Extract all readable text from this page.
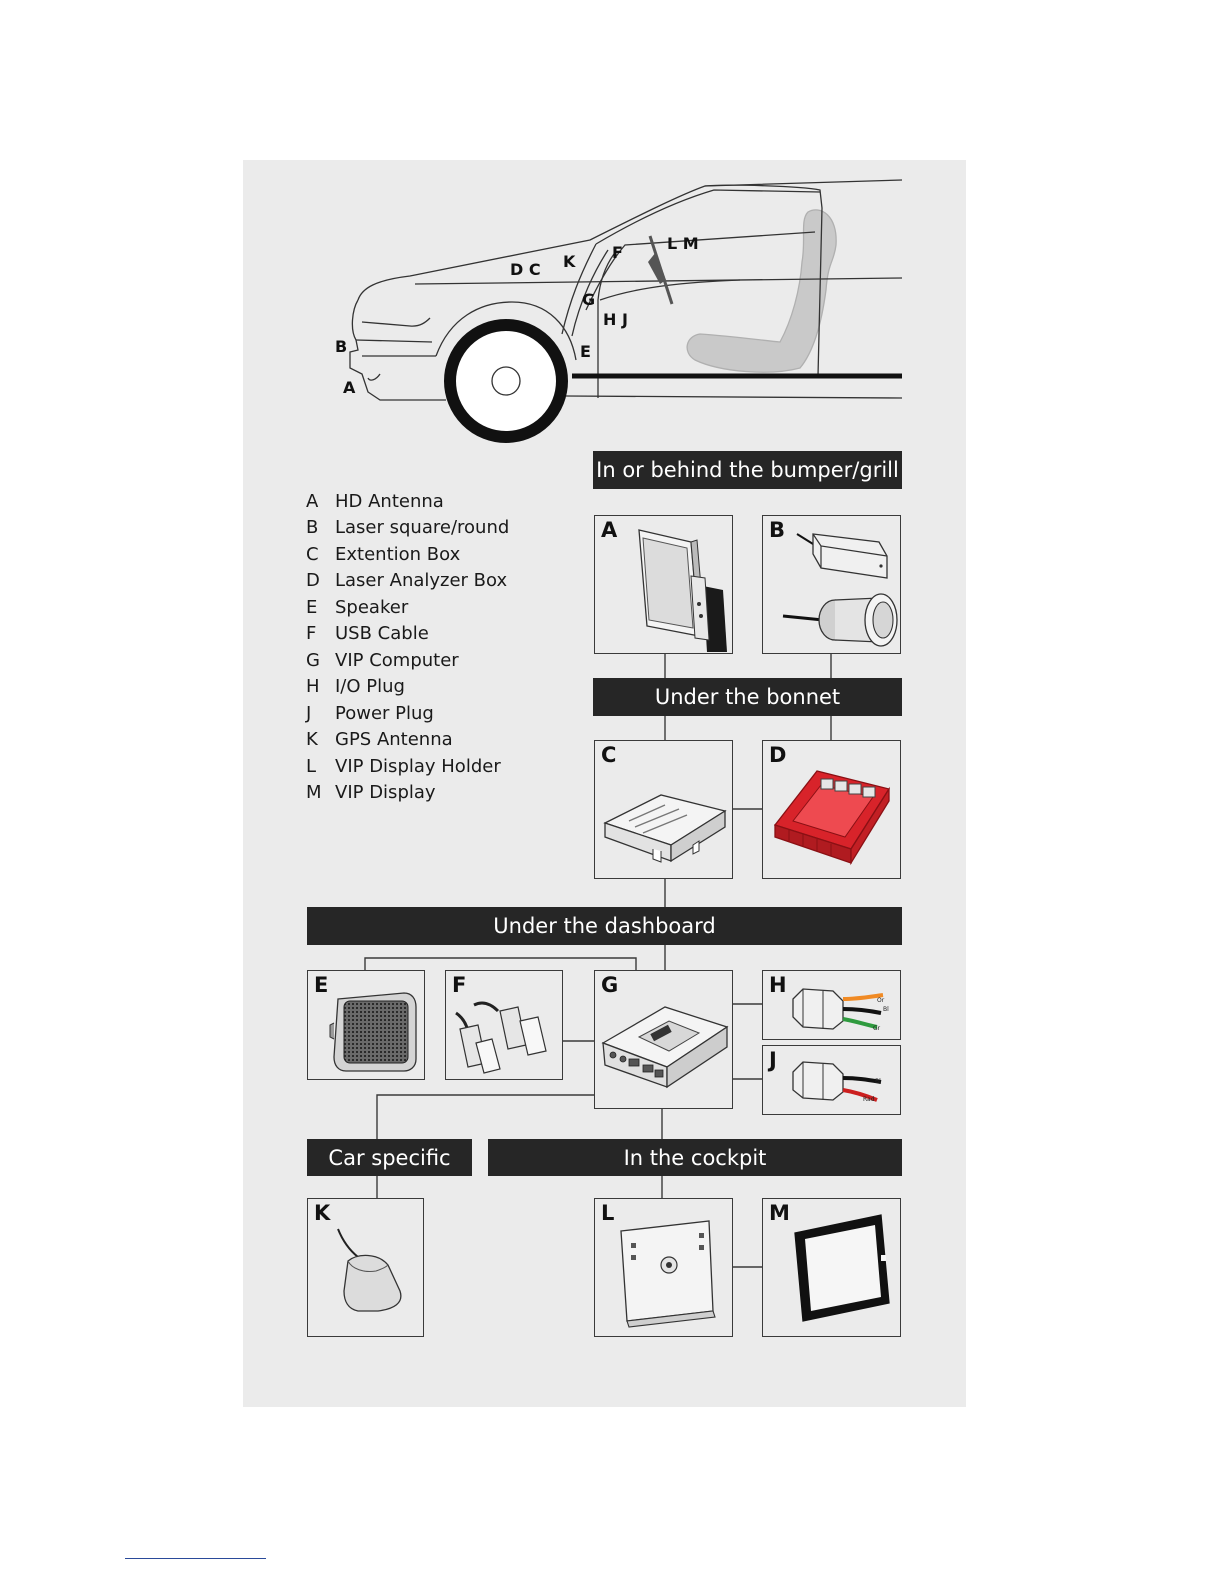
D C K F	L M
G
H J
B	E
A
A HD Antenna
B Laser square/round
C Extention Box
D Laser Analyzer Box
E Speaker
F	USB Cable
G VIP Computer
H I/O Plug
J	Power Plug
K GPS Antenna
L	VIP Display Holder
M VIP Display
In or behind the bumper/grill
Under the bonnet
Under the dashboard
Car specific	In the cockpit
A	B
C	D
E	F	G	H
Or
Bl
Gr
J
Bl
Rad
K	L	M
